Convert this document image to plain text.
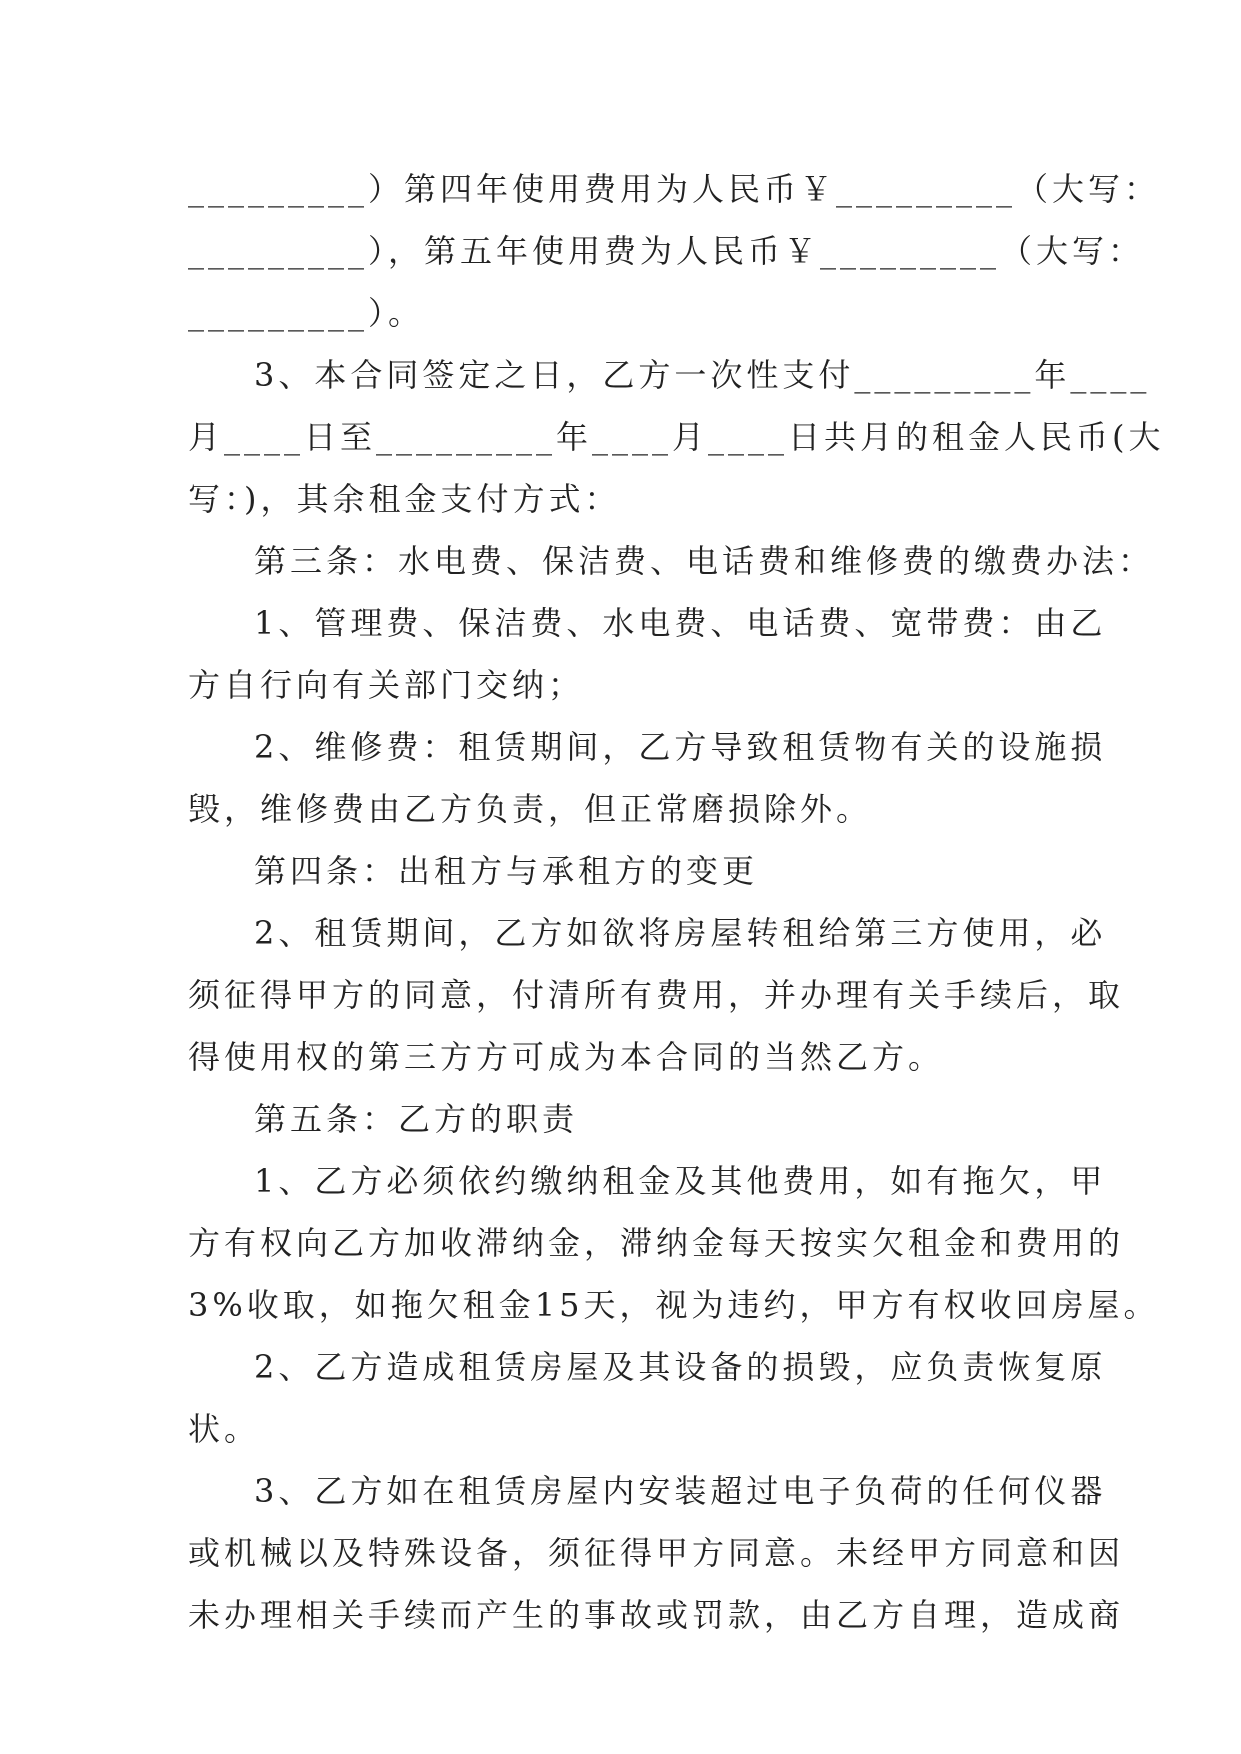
_________）第四年使用费用为人民币￥_________（大写：
_________），第五年使用费为人民币￥_________（大写：
_________）。
3、本合同签定之日，乙方一次性支付_________年____
月____日至_________年____月____日共月的租金人民币(大
写：)，其余租金支付方式：
第三条：水电费、保洁费、电话费和维修费的缴费办法：
1、管理费、保洁费、水电费、电话费、宽带费：由乙
方自行向有关部门交纳；
2、维修费：租赁期间，乙方导致租赁物有关的设施损
毁，维修费由乙方负责，但正常磨损除外。
第四条：出租方与承租方的变更
2、租赁期间，乙方如欲将房屋转租给第三方使用，必
须征得甲方的同意，付清所有费用，并办理有关手续后，取
得使用权的第三方方可成为本合同的当然乙方。
第五条：乙方的职责
1、乙方必须依约缴纳租金及其他费用，如有拖欠，甲
方有权向乙方加收滞纳金，滞纳金每天按实欠租金和费用的
3%收取，如拖欠租金15天，视为违约，甲方有权收回房屋。
2、乙方造成租赁房屋及其设备的损毁，应负责恢复原
状。
3、乙方如在租赁房屋内安装超过电子负荷的任何仪器
或机械以及特殊设备，须征得甲方同意。未经甲方同意和因
未办理相关手续而产生的事故或罚款，由乙方自理，造成商
